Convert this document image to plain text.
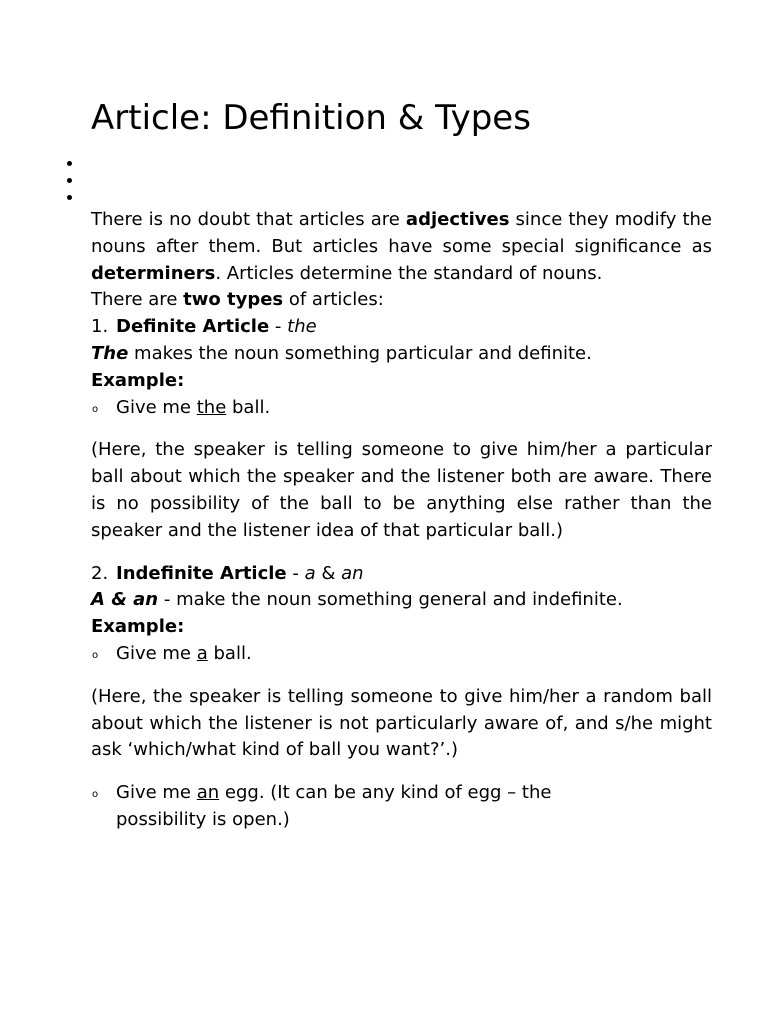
Article: Definition & Types

There is no doubt that articles are adjectives since they modify the nouns after them. But articles have some special significance as determiners. Articles determine the standard of nouns.

There are two types of articles:

1. Definite Article - the

The makes the noun something particular and definite.

Example:

o Give me the ball.

(Here, the speaker is telling someone to give him/her a particular ball about which the speaker and the listener both are aware. There is no possibility of the ball to be anything else rather than the speaker and the listener idea of that particular ball.)

2. Indefinite Article - a & an

A & an - make the noun something general and indefinite.

Example:

o Give me a ball.

(Here, the speaker is telling someone to give him/her a random ball about which the listener is not particularly aware of, and s/he might ask ‘which/what kind of ball you want?’.)

o Give me an egg. (It can be any kind of egg – the possibility is open.)
